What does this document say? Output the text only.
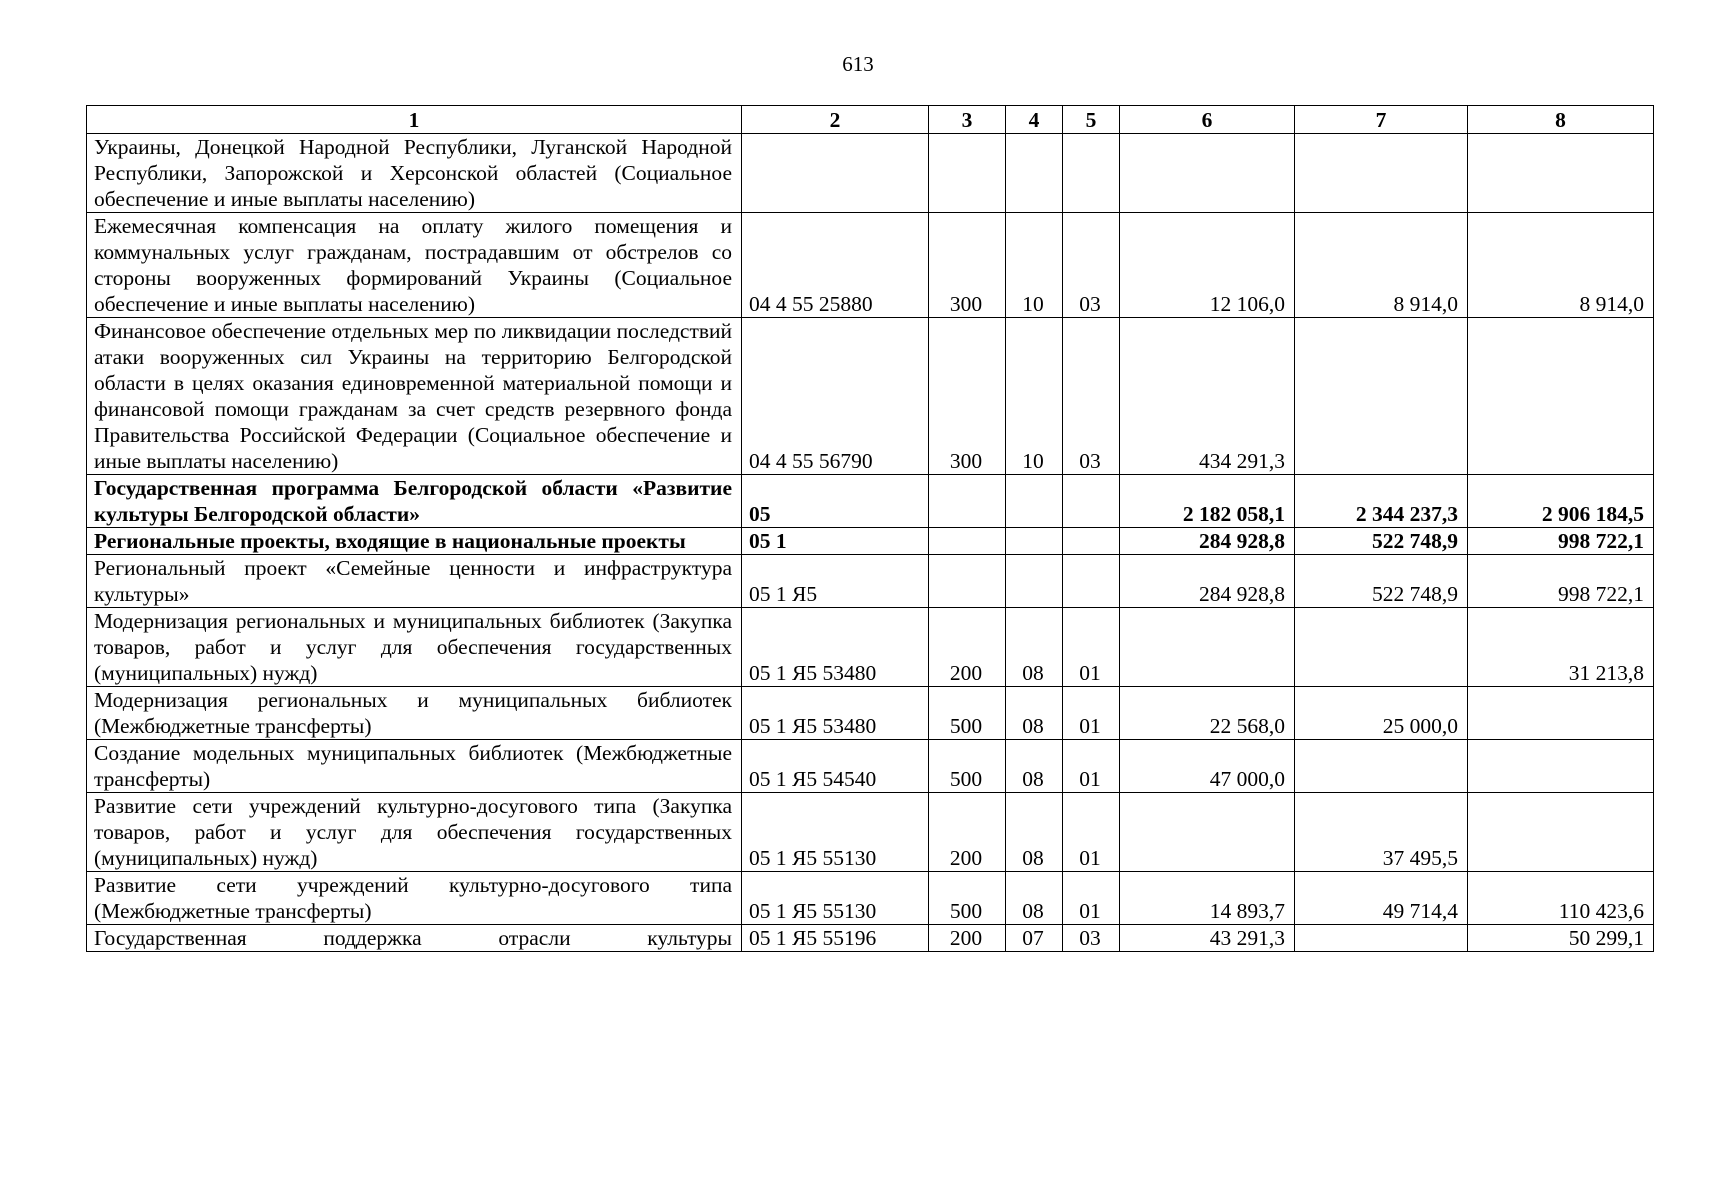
613
1	2	3	4	5	6	7	8
Украины, Донецкой Народной Республики, Луганской Народной Республики, Запорожской и Херсонской областей (Социальное обеспечение и иные выплаты населению)							
Ежемесячная компенсация на оплату жилого помещения и коммунальных услуг гражданам, пострадавшим от обстрелов со стороны вооруженных формирований Украины (Социальное обеспечение и иные выплаты населению)	04 4 55 25880	300	10	03	12 106,0	8 914,0	8 914,0
Финансовое обеспечение отдельных мер по ликвидации последствий атаки вооруженных сил Украины на территорию Белгородской области в целях оказания единовременной материальной помощи и финансовой помощи гражданам за счет средств резервного фонда Правительства Российской Федерации (Социальное обеспечение и иные выплаты населению)	04 4 55 56790	300	10	03	434 291,3		
Государственная программа Белгородской области «Развитие культуры Белгородской области»	05				2 182 058,1	2 344 237,3	2 906 184,5
Региональные проекты, входящие в национальные проекты	05 1				284 928,8	522 748,9	998 722,1
Региональный проект «Семейные ценности и инфраструктура культуры»	05 1 Я5				284 928,8	522 748,9	998 722,1
Модернизация региональных и муниципальных библиотек (Закупка товаров, работ и услуг для обеспечения государственных (муниципальных) нужд)	05 1 Я5 53480	200	08	01			31 213,8
Модернизация региональных и муниципальных библиотек (Межбюджетные трансферты)	05 1 Я5 53480	500	08	01	22 568,0	25 000,0	
Создание модельных муниципальных библиотек (Межбюджетные трансферты)	05 1 Я5 54540	500	08	01	47 000,0		
Развитие сети учреждений культурно-досугового типа (Закупка товаров, работ и услуг для обеспечения государственных (муниципальных) нужд)	05 1 Я5 55130	200	08	01		37 495,5	
Развитие сети учреждений культурно-досугового типа (Межбюджетные трансферты)	05 1 Я5 55130	500	08	01	14 893,7	49 714,4	110 423,6
Государственная поддержка отрасли культуры	05 1 Я5 55196	200	07	03	43 291,3		50 299,1
